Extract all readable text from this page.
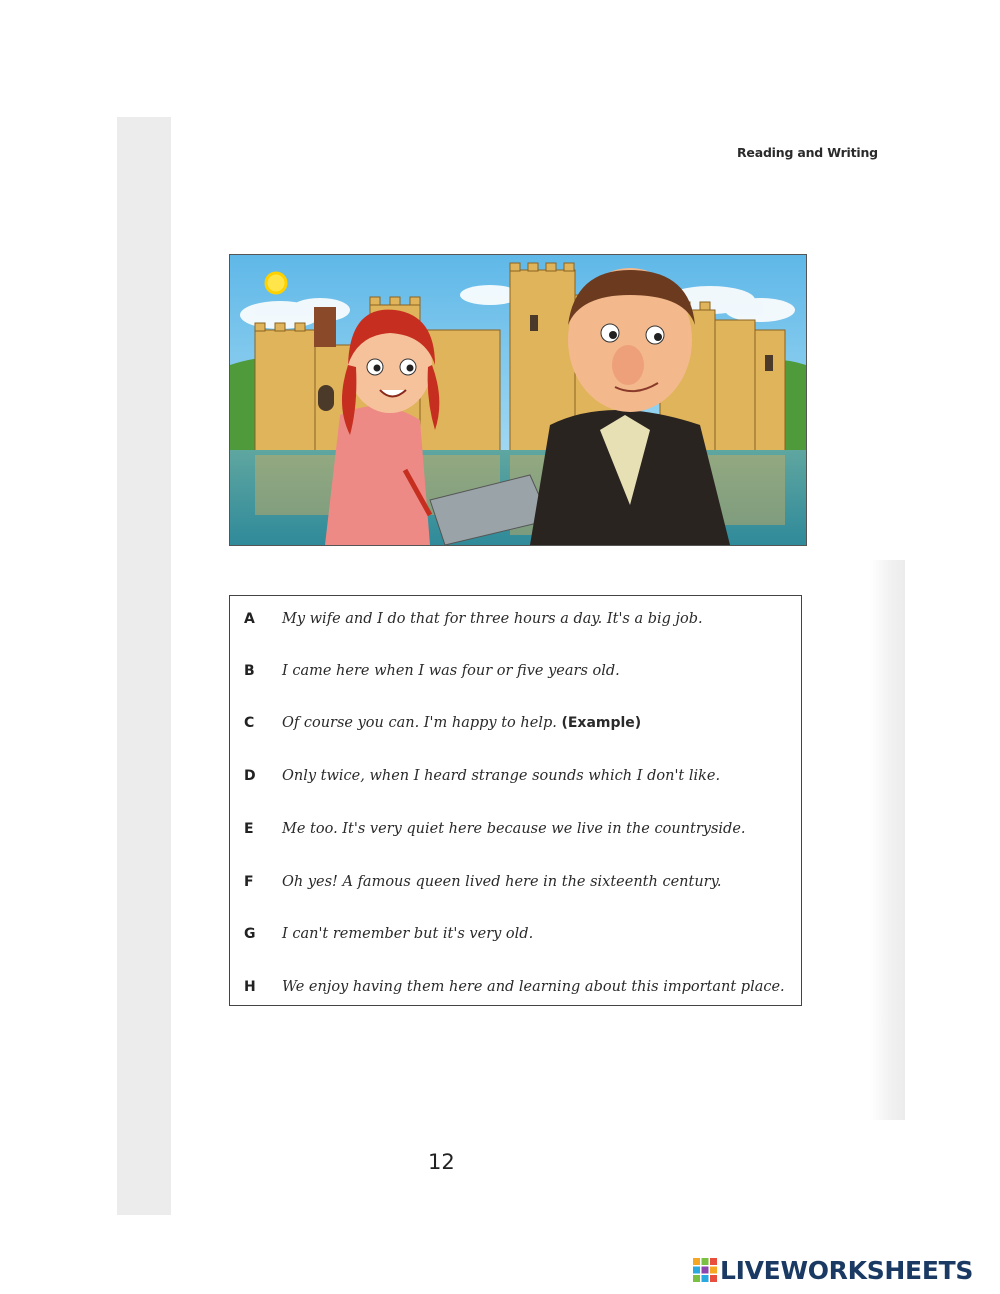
Reading and Writing
A	My wife and I do that for three hours a day. It's a big job.
B	I came here when I was four or five years old.
C	Of course you can. I'm happy to help. (Example)
D	Only twice, when I heard strange sounds which I don't like.
E	Me too. It's very quiet here because we live in the countryside.
F	Oh yes! A famous queen lived here in the sixteenth century.
G	I can't remember but it's very old.
H	We enjoy having them here and learning about this important place.
12
LIVEWORKSHEETS
